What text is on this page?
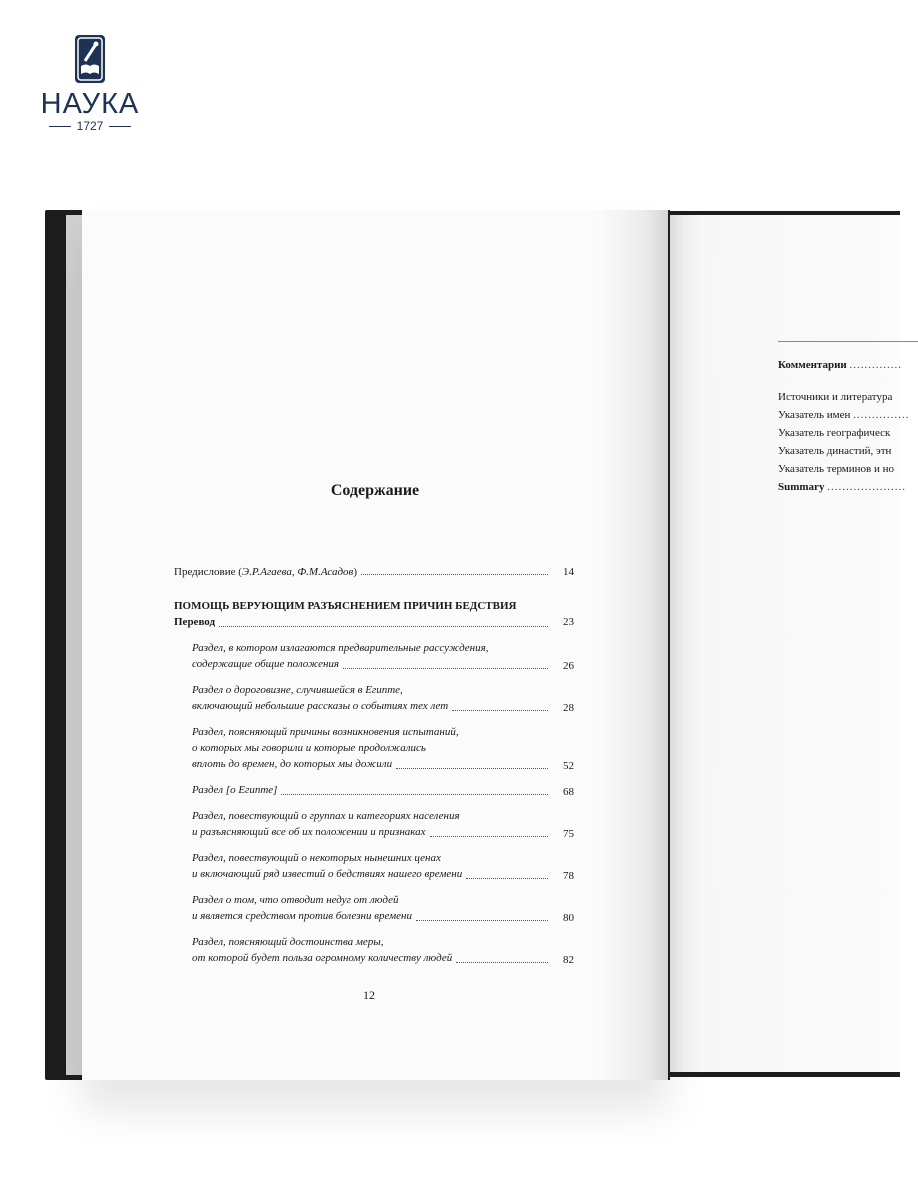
НАУКА
1727
Содержание
Предисловие (Э.Р.Агаева, Ф.М.Асадов)	14
ПОМОЩЬ ВЕРУЮЩИМ РАЗЪЯСНЕНИЕМ ПРИЧИН БЕДСТВИЯ
Перевод	23
Раздел, в котором излагаются предварительные рассуждения,
содержащие общие положения	26
Раздел о дороговизне, случившейся в Египте,
включающий небольшие рассказы о событиях тех лет	28
Раздел, поясняющий причины возникновения испытаний,
о которых мы говорили и которые продолжались
вплоть до времен, до которых мы дожили	52
Раздел [о Египте]	68
Раздел, повествующий о группах и категориях населения
и разъясняющий все об их положении и признаках	75
Раздел, повествующий о некоторых нынешних ценах
и включающий ряд известий о бедствиях нашего времени	78
Раздел о том, что отводит недуг от людей
и является средством против болезни времени	80
Раздел, поясняющий достоинства меры,
от которой будет польза огромному количеству людей	82
12
Комментарии ..............
Источники и литература
Указатель имен ...............
Указатель географическ
Указатель династий, этн
Указатель терминов и но
Summary .....................
